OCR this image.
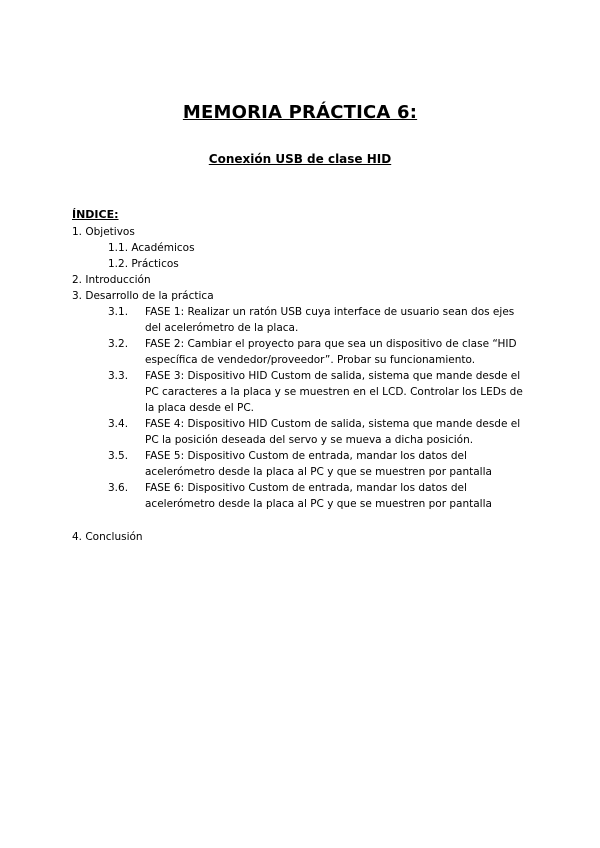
MEMORIA PRÁCTICA 6:
Conexión USB de clase HID
ÍNDICE:
1. Objetivos
1.1. Académicos
1.2. Prácticos
2. Introducción
3. Desarrollo de la práctica
3.1.	FASE 1: Realizar un ratón USB cuya interface de usuario sean dos ejes del acelerómetro de la placa.
3.2.	FASE 2: Cambiar el proyecto para que sea un dispositivo de clase “HID específica de vendedor/proveedor”. Probar su funcionamiento.
3.3.	FASE 3: Dispositivo HID Custom de salida, sistema que mande desde el PC caracteres a la placa y se muestren en el LCD. Controlar los LEDs de la placa desde el PC.
3.4.	FASE 4: Dispositivo HID Custom de salida, sistema que mande desde el PC la posición deseada del servo y se mueva a dicha posición.
3.5.	FASE 5: Dispositivo Custom de entrada, mandar los datos del acelerómetro desde la placa al PC y que se muestren por pantalla
3.6.	FASE 6: Dispositivo Custom de entrada, mandar los datos del acelerómetro desde la placa al PC y que se muestren por pantalla
4. Conclusión
